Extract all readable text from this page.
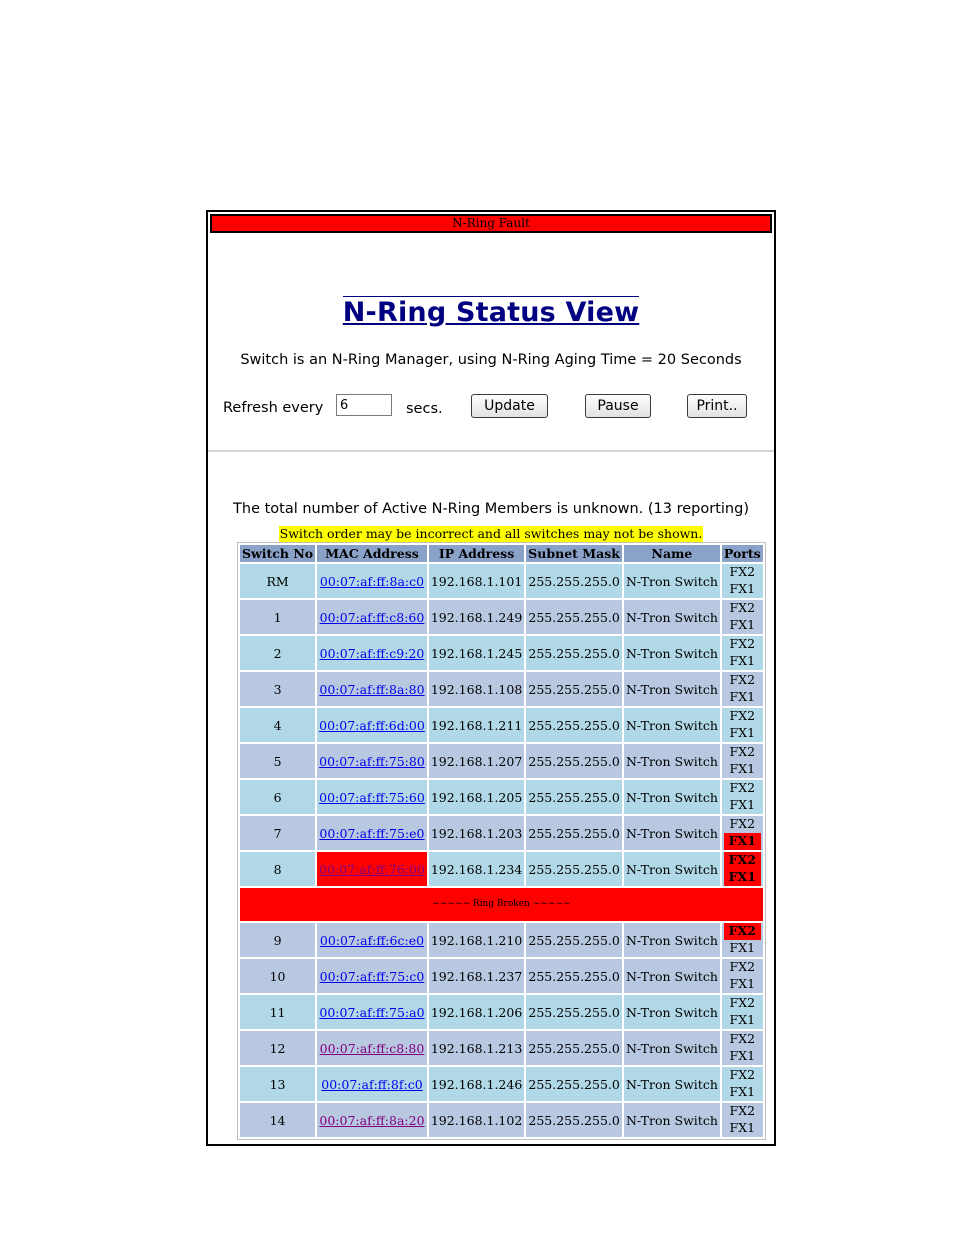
N-Ring Fault
N-Ring Status View
Switch is an N-Ring Manager, using N-Ring Aging Time = 20 Seconds
Refresh every
6	secs.	Update	Pause	Print..
The total number of Active N-Ring Members is unknown. (13 reporting)
Switch order may be incorrect and all switches may not be shown.
Switch No	MAC Address	IP Address	Subnet Mask	Name	Ports
RM	00:07:af:ff:8a:c0	192.168.1.101	255.255.255.0	N-Tron Switch	FX2
FX1

1	00:07:af:ff:c8:60	192.168.1.249	255.255.255.0	N-Tron Switch	FX2
FX1

2	00:07:af:ff:c9:20	192.168.1.245	255.255.255.0	N-Tron Switch	FX2
FX1

3	00:07:af:ff:8a:80	192.168.1.108	255.255.255.0	N-Tron Switch	FX2
FX1

4	00:07:af:ff:6d:00	192.168.1.211	255.255.255.0	N-Tron Switch	FX2
FX1

5	00:07:af:ff:75:80	192.168.1.207	255.255.255.0	N-Tron Switch	FX2
FX1

6	00:07:af:ff:75:60	192.168.1.205	255.255.255.0	N-Tron Switch	FX2
FX1

7	00:07:af:ff:75:e0	192.168.1.203	255.255.255.0	N-Tron Switch	FX2
FX1

8	00:07:af:ff:76:00	192.168.1.234	255.255.255.0	N-Tron Switch	FX2
FX1

~~~~~ Ring Broken ~~~~~					
9	00:07:af:ff:6c:e0	192.168.1.210	255.255.255.0	N-Tron Switch	FX2
FX1

10	00:07:af:ff:75:c0	192.168.1.237	255.255.255.0	N-Tron Switch	FX2
FX1

11	00:07:af:ff:75:a0	192.168.1.206	255.255.255.0	N-Tron Switch	FX2
FX1

12	00:07:af:ff:c8:80	192.168.1.213	255.255.255.0	N-Tron Switch	FX2
FX1

13	00:07:af:ff:8f:c0	192.168.1.246	255.255.255.0	N-Tron Switch	FX2
FX1

14	00:07:af:ff:8a:20	192.168.1.102	255.255.255.0	N-Tron Switch	FX2
FX1
